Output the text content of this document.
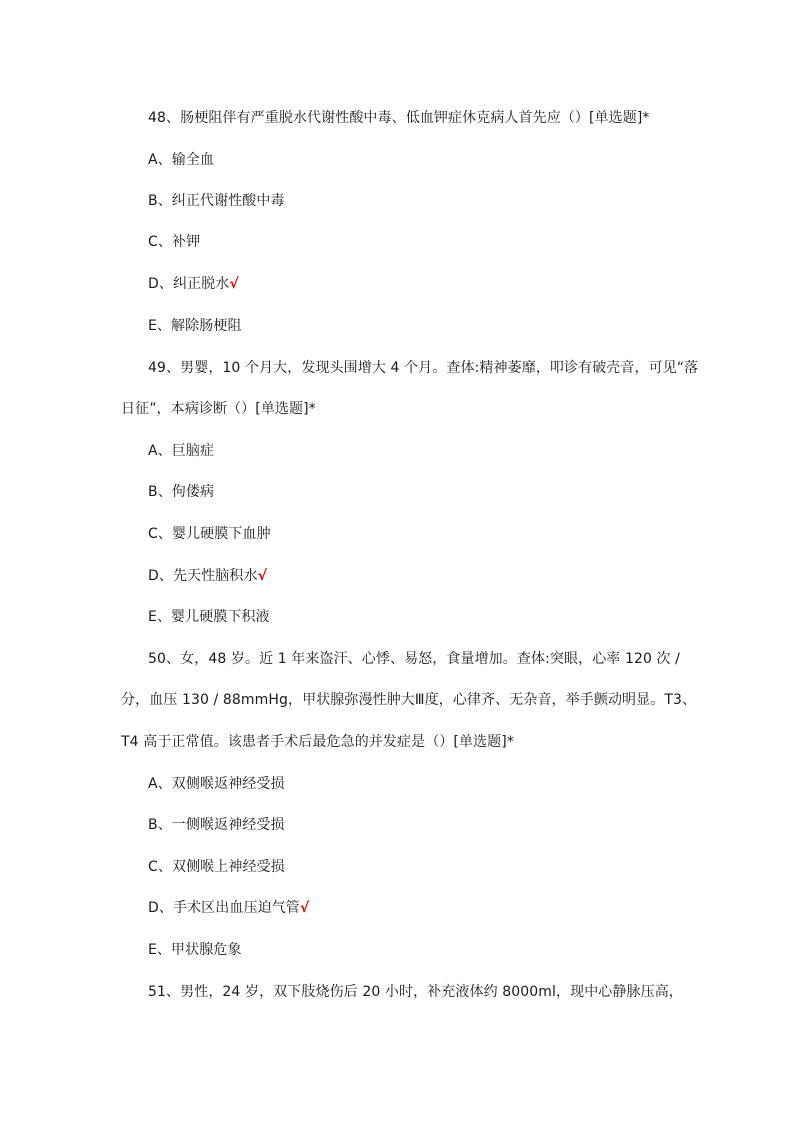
48、肠梗阻伴有严重脱水代谢性酸中毒、低血钾症休克病人首先应（）[单选题]*
A、输全血
B、纠正代谢性酸中毒
C、补钾
D、纠正脱水√
E、解除肠梗阻
49、男婴，10 个月大，发现头围增大 4 个月。查体:精神萎靡，叩诊有破壳音，可见“落
日征”，本病诊断（）[单选题]*
A、巨脑症
B、佝偻病
C、婴儿硬膜下血肿
D、先天性脑积水√
E、婴儿硬膜下积液
50、女，48 岁。近 1 年来盗汗、心悸、易怒，食量增加。查体:突眼，心率 120 次 /
分，血压 130 / 88mmHg，甲状腺弥漫性肿大Ⅲ度，心律齐、无杂音，举手颤动明显。T3、
T4 高于正常值。该患者手术后最危急的并发症是（）[单选题]*
A、双侧喉返神经受损
B、一侧喉返神经受损
C、双侧喉上神经受损
D、手术区出血压迫气管√
E、甲状腺危象
51、男性，24 岁，双下肢烧伤后 20 小时，补充液体约 8000ml，现中心静脉压高，
